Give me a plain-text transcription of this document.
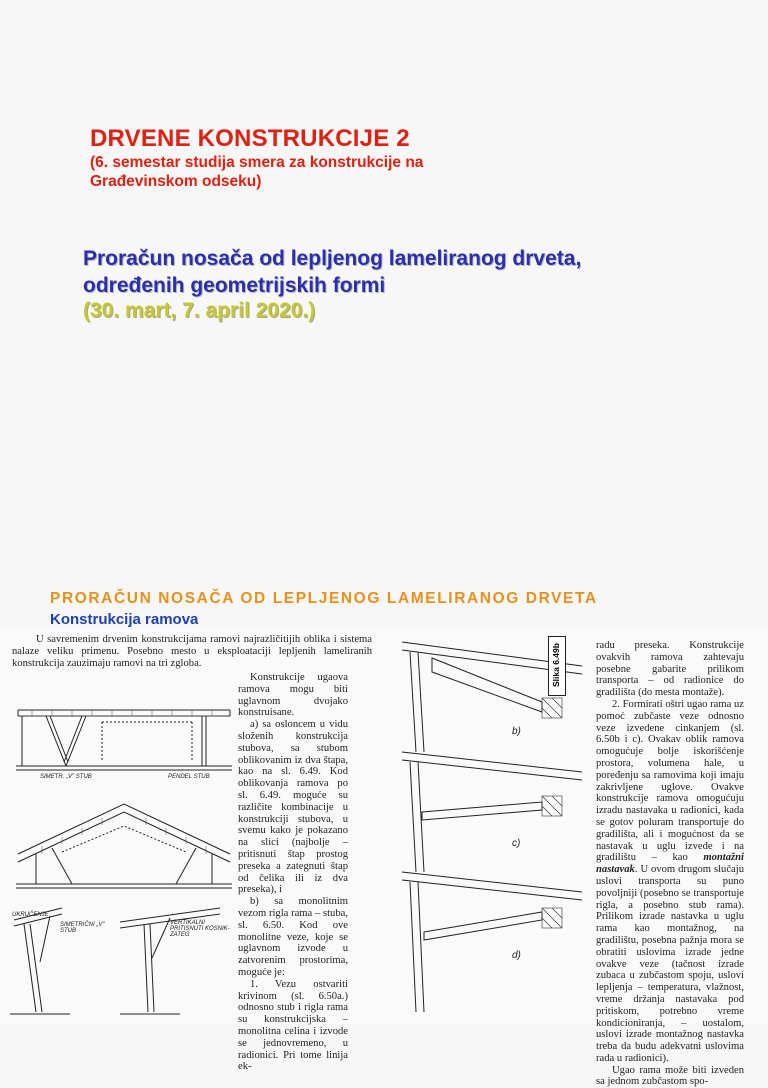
DRVENE KONSTRUKCIJE 2
(6. semestar studija smera za konstrukcije na Građevinskom odseku)
Proračun nosača od lepljenog lameliranog drveta, određenih geometrijskih formi
(30. mart, 7. april 2020.)
PRORAČUN NOSAČA OD LEPLJENOG LAMELIRANOG DRVETA
Konstrukcija ramova
U savremenim drvenim konstrukcijama ramovi najrazličitijih oblika i sistema nalaze veliku primenu. Posebno mesto u eksploataciji lepljenih lameliranih konstrukcija zauzimaju ramovi na tri zgloba.

Konstrukcije ugaova ramova mogu biti uglavnom dvojako konstruisane.

a) sa osloncem u vidu složenih konstrukcija stubova, sa stubom oblikovanim iz dva štapa, kao na sl. 6.49. Kod oblikovanja ramova po sl. 6.49. moguće su različite kombinacije u konstrukciji stubova, u svemu kako je pokazano na slici (najbolje – pritisnuti štap prostog preseka a zategnuti štap od čelika ili iz dva preseka), i

b) sa monolitnim vezom rigla rama – stuba, sl. 6.50. Kod ove monolitne veze, koje se uglavnom izvode u zatvorenim prostorima, moguće je:

1. Vezu ostvariti krivinom (sl. 6.50a.) odnosno stub i rigla rama su konstrukcijska – monolitna celina i izvode se jednovremeno, u radionici. Pri tome linija ek-

radu preseka. Konstrukcije ovakvih ramova zahtevaju posebne gabarite prilikom transporta – od radionice do gradilišta (do mesta montaže).

2. Formirati oštri ugao rama uz pomoć zubčaste veze odnosno veze izvedene cinkanjem (sl. 6.50b i c). Ovakav oblik ramova omogućuje bolje iskorišćenje prostora, volumena hale, u poređenju sa ramovima koji imaju zakrivljene uglove. Ovakve konstrukcije ramova omogućuju izradu nastavaka u radionici, kada se gotov poluram transportuje do gradilišta, ali i mogućnost da se nastavak u uglu izvede i na gradilištu – kao montažni nastavak. U ovom drugom slučaju uslovi transporta su puno povoljniji (posebno se transportuje rigla, a posebno stub rama). Prilikom izrade nastavka u uglu rama kao montažnog, na gradilištu, posebna pažnja mora se obratiti uslovima izrade jedne ovakve veze (tačnost izrade zubaca u zubčastom spoju, uslovi lepljenja – temperatura, vlažnost, vreme držanja nastavaka pod pritiskom, potrebno vreme kondicioniranja, – uostalom, uslovi izrade montažnog nastavka treba da budu adekvatni uslovima rada u radionici).

Ugao rama može biti izveden sa jednom zubčastom spo-

SIMETR. „V" STUB	PENDEL STUB
UKRUĆENJE
SIMETRIČNI „V" STUB
VERTIKALNI PRITISNUTI KOSNIK-ZATEG
b)
c)
d)
Slika 6.49b
